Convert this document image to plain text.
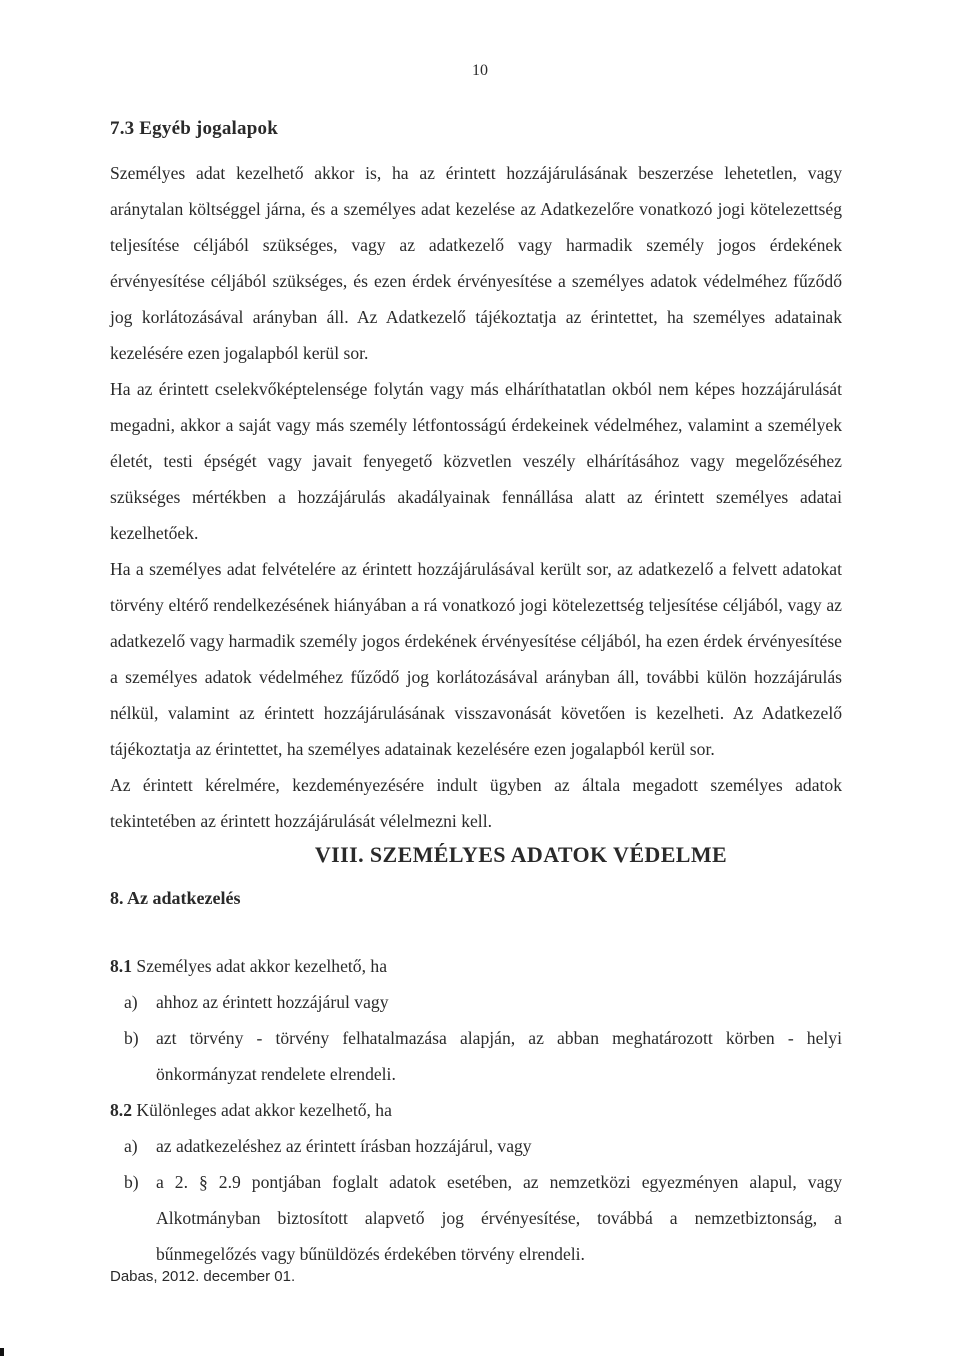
10
7.3 Egyéb jogalapok

Személyes adat kezelhető akkor is, ha az érintett hozzájárulásának beszerzése lehetetlen, vagy aránytalan költséggel járna, és a személyes adat kezelése az Adatkezelőre vonatkozó jogi kötelezettség teljesítése céljából szükséges, vagy az adatkezelő vagy harmadik személy jogos érdekének érvényesítése céljából szükséges, és ezen érdek érvényesítése a személyes adatok védelméhez fűződő jog korlátozásával arányban áll. Az Adatkezelő tájékoztatja az érintettet, ha személyes adatainak kezelésére ezen jogalapból kerül sor.

Ha az érintett cselekvőképtelensége folytán vagy más elháríthatatlan okból nem képes hozzájárulását megadni, akkor a saját vagy más személy létfontosságú érdekeinek védelméhez, valamint a személyek életét, testi épségét vagy javait fenyegető közvetlen veszély elhárításához vagy megelőzéséhez szükséges mértékben a hozzájárulás akadályainak fennállása alatt az érintett személyes adatai kezelhetőek.

Ha a személyes adat felvételére az érintett hozzájárulásával került sor, az adatkezelő a felvett adatokat törvény eltérő rendelkezésének hiányában a rá vonatkozó jogi kötelezettség teljesítése céljából, vagy az adatkezelő vagy harmadik személy jogos érdekének érvényesítése céljából, ha ezen érdek érvényesítése a személyes adatok védelméhez fűződő jog korlátozásával arányban áll, további külön hozzájárulás nélkül, valamint az érintett hozzájárulásának visszavonását követően is kezelheti. Az Adatkezelő tájékoztatja az érintettet, ha személyes adatainak kezelésére ezen jogalapból kerül sor.

Az érintett kérelmére, kezdeményezésére indult ügyben az általa megadott személyes adatok tekintetében az érintett hozzájárulását vélelmezni kell.

VIII. SZEMÉLYES ADATOK VÉDELME
8. Az adatkezelés
8.1 Személyes adat akkor kezelhető, ha
a)	ahhoz az érintett hozzájárul vagy
b) azt törvény - törvény felhatalmazása alapján, az abban meghatározott körben - helyi önkormányzat rendelete elrendeli.
8.2 Különleges adat akkor kezelhető, ha
a)	az adatkezeléshez az érintett írásban hozzájárul, vagy
b) a 2. § 2.9 pontjában foglalt adatok esetében, az nemzetközi egyezményen alapul, vagy Alkotmányban biztosított alapvető jog érvényesítése, továbbá a nemzetbiztonság, a bűnmegelőzés vagy bűnüldözés érdekében törvény elrendeli.
Dabas, 2012. december 01.
